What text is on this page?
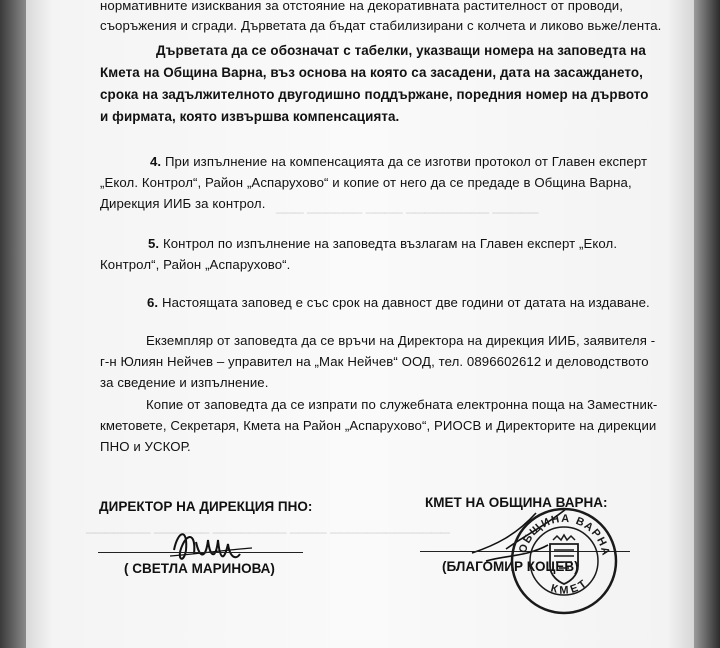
▁▁▁ ▁▁▁▁▁▁ ▁▁▁▁ ▁▁▁▁▁▁▁▁▁ ▁▁▁▁▁
▁▁▁▁▁▁▁ ▁▁▁▁▁▁ ▁▁▁▁▁▁▁▁ ▁▁▁▁ ▁▁▁▁▁▁▁▁▁▁▁▁▁
нормативните изисквания за отстояние на декоративната растителност от проводи,
съоръжения и сгради. Дърветата да бъдат стабилизирани с колчета и ликово вьже/лента.
Дърветата да се обозначат с табелки, указващи номера на заповедта на
Кмета на Община Варна, въз основа на която са засадени, дата на засаждането,
срока на задължителното двугодишно поддържане, поредния номер на дървото
и фирмата, която извършва компенсацията.
4. При изпълнение на компенсацията да се изготви протокол от Главен експерт
„Екол. Контрол“, Район „Аспарухово“ и копие от него да се предаде в Община Варна,
Дирекция ИИБ за контрол.
5. Контрол по изпълнение на заповедта възлагам на Главен експерт „Екол.
Контрол“, Район „Аспарухово“.
6. Настоящата заповед е със срок на давност две години от датата на издаване.
Екземпляр от заповедта да се връчи на Директора на дирекция ИИБ, заявителя -
г-н Юлиян Нейчев – управител на „Мак Нейчев“ ООД, тел. 0896602612 и деловодството
за сведение и изпълнение.
Копие от заповедта да се изпрати по служебната електронна поща на Заместник-
кметовете, Секретаря, Кмета на Район „Аспарухово“, РИОСВ и Директорите на дирекции
ПНО и УСКОР.
ДИРЕКТОР НА ДИРЕКЦИЯ ПНО:
( СВЕТЛА МАРИНОВА)
КМЕТ НА ОБЩИНА ВАРНА:
(БЛАГОМИР КОЦЕВ)
ОБЩИНА ВАРНА
КМЕТ
